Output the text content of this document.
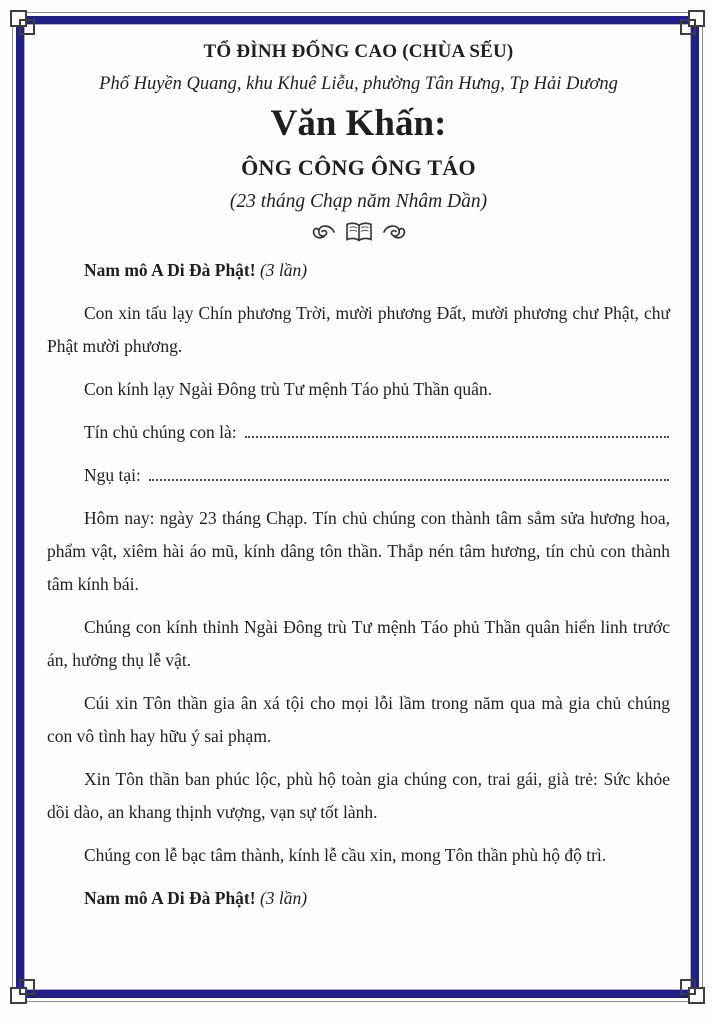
TỔ ĐÌNH ĐỐNG CAO (CHÙA SẾU)
Phố Huyền Quang, khu Khuê Liễu, phường Tân Hưng, Tp Hải Dương
Văn Khấn:
ÔNG CÔNG ÔNG TÁO
(23 tháng Chạp năm Nhâm Dần)

Nam mô A Di Đà Phật! (3 lần)

Con xin tấu lạy Chín phương Trời, mười phương Đất, mười phương chư Phật, chư Phật mười phương.

Con kính lạy Ngài Đông trù Tư mệnh Táo phủ Thần quân.

Tín chủ chúng con là:

Ngụ tại:

Hôm nay: ngày 23 tháng Chạp. Tín chủ chúng con thành tâm sắm sửa hương hoa, phẩm vật, xiêm hài áo mũ, kính dâng tôn thần. Thắp nén tâm hương, tín chủ con thành tâm kính bái.

Chúng con kính thỉnh Ngài Đông trù Tư mệnh Táo phủ Thần quân hiển linh trước án, hưởng thụ lễ vật.

Cúi xin Tôn thần gia ân xá tội cho mọi lỗi lầm trong năm qua mà gia chủ chúng con vô tình hay hữu ý sai phạm.

Xin Tôn thần ban phúc lộc, phù hộ toàn gia chúng con, trai gái, già trẻ: Sức khỏe dồi dào, an khang thịnh vượng, vạn sự tốt lành.

Chúng con lễ bạc tâm thành, kính lễ cầu xin, mong Tôn thần phù hộ độ trì.

Nam mô A Di Đà Phật! (3 lần)
